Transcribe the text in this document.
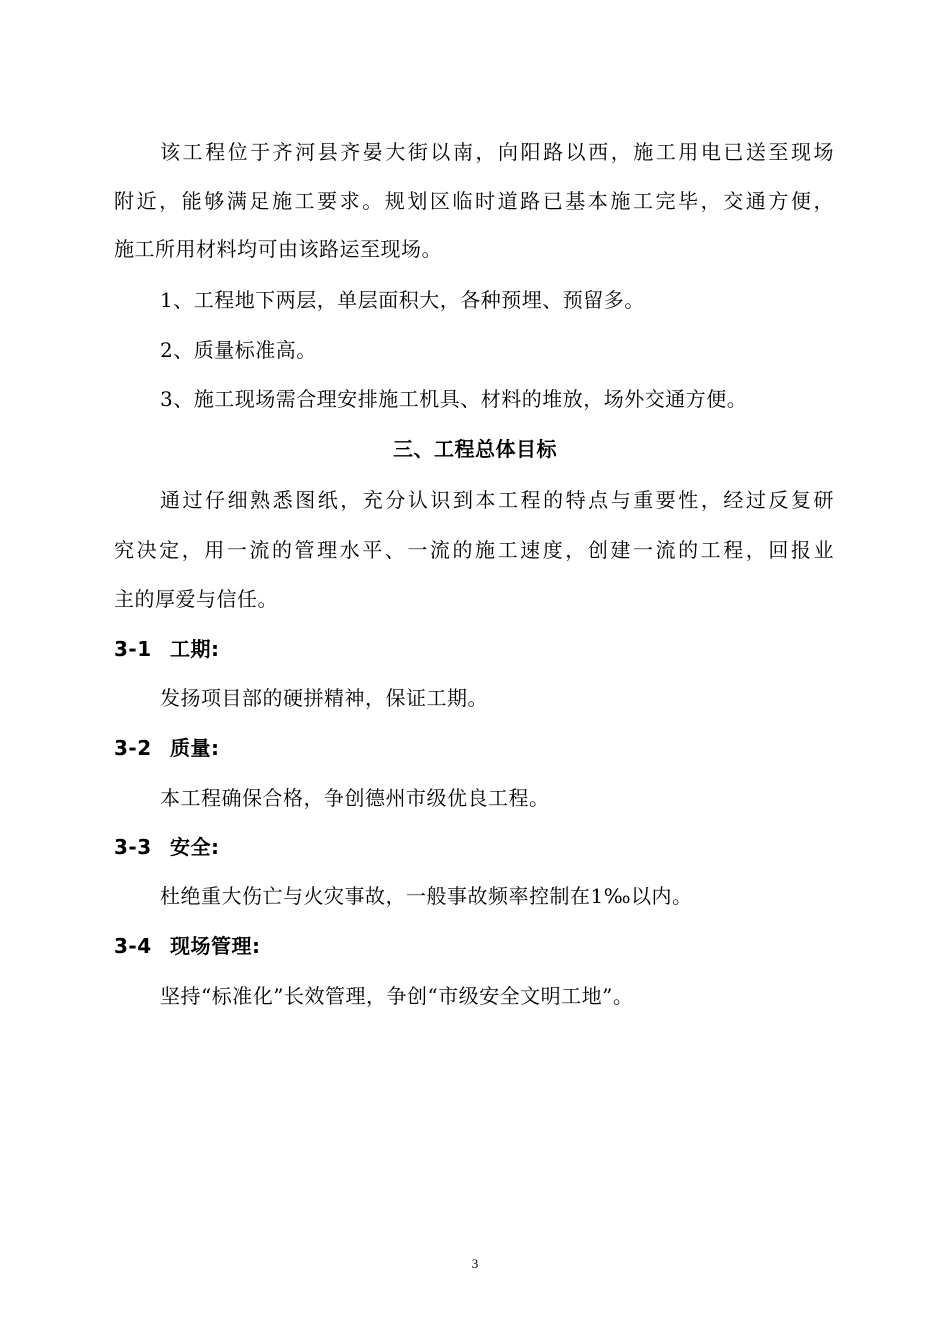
该工程位于齐河县齐晏大街以南，向阳路以西，施工用电已送至现场
附近，能够满足施工要求。规划区临时道路已基本施工完毕，交通方便，
施工所用材料均可由该路运至现场。
1、工程地下两层，单层面积大，各种预埋、预留多。
2、质量标准高。
3、施工现场需合理安排施工机具、材料的堆放，场外交通方便。
三、工程总体目标
通过仔细熟悉图纸，充分认识到本工程的特点与重要性，经过反复研
究决定，用一流的管理水平、一流的施工速度，创建一流的工程，回报业
主的厚爱与信任。
3-1 工期:
发扬项目部的硬拼精神，保证工期。
3-2 质量:
本工程确保合格，争创德州市级优良工程。
3-3 安全:
杜绝重大伤亡与火灾事故，一般事故频率控制在1‰以内。
3-4 现场管理:
坚持“标准化”长效管理，争创“市级安全文明工地”。
3
